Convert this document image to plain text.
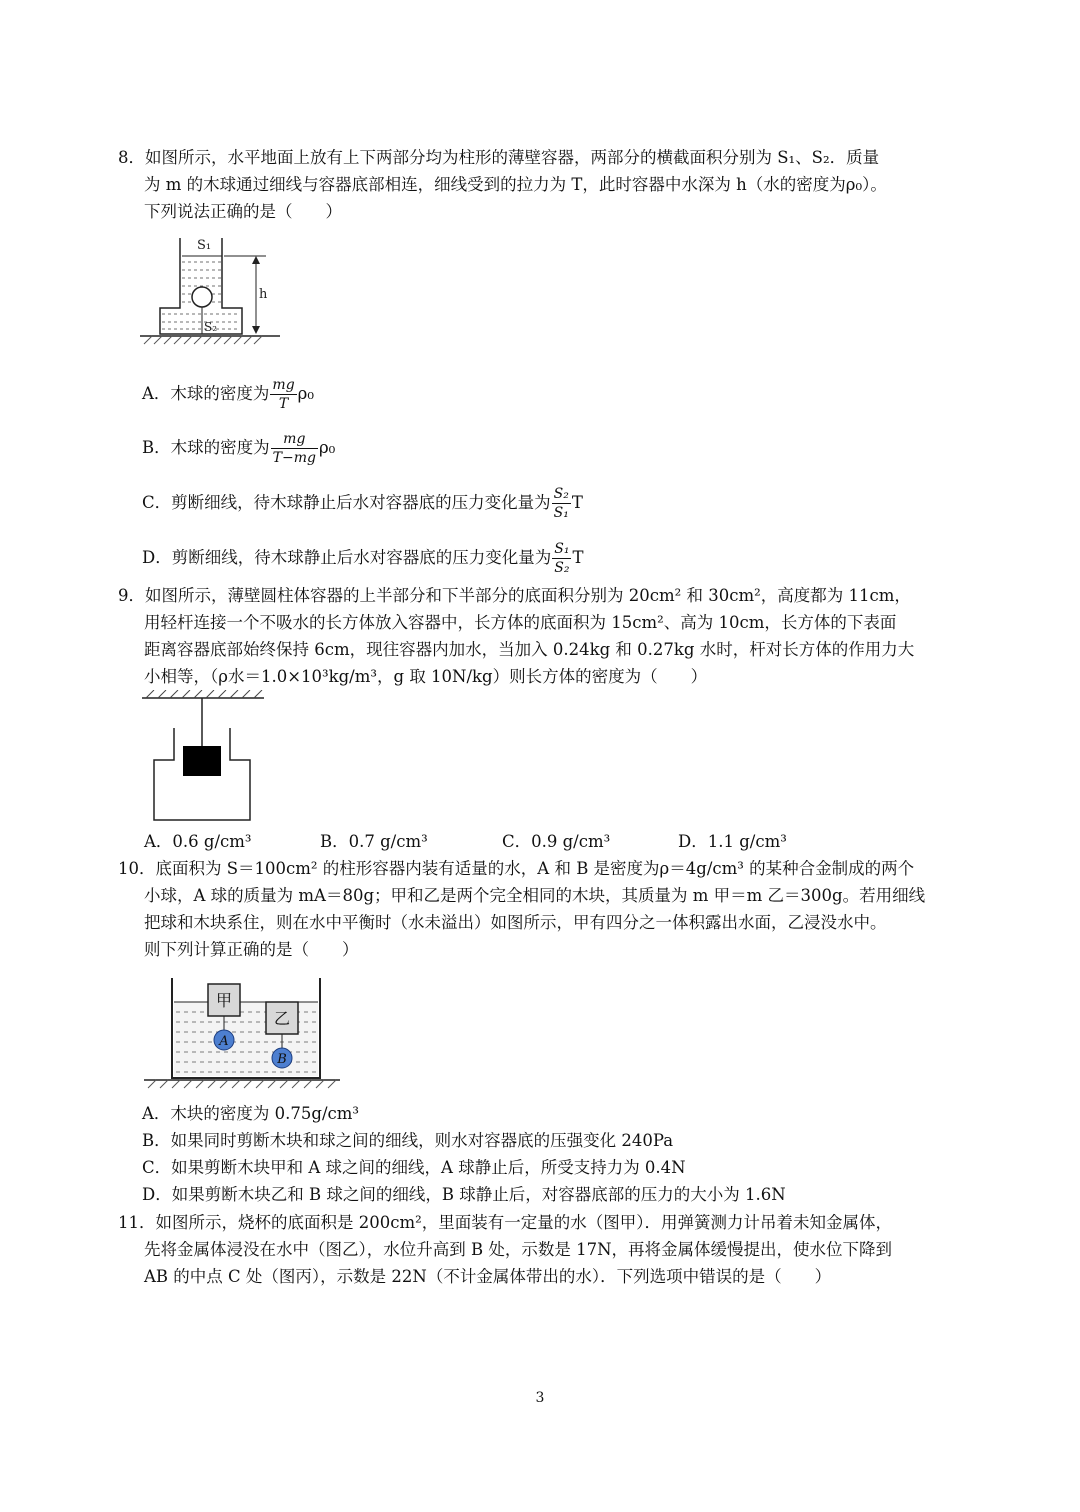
8．如图所示，水平地面上放有上下两部分均为柱形的薄壁容器，两部分的横截面积分别为 S₁、S₂．质量
为 m 的木球通过细线与容器底部相连，细线受到的拉力为 T，此时容器中水深为 h（水的密度为ρ₀）。
下列说法正确的是（　　）
S₁
h
S₂
A．木球的密度为 $\frac{mg}{T} \rho_0$
B．木球的密度为 $\frac{mg}{T-mg} \rho_0$
C．剪断细线，待木球静止后水对容器底的压力变化量为 $\frac{\text{S₂}}{\text{S₁}}$ T
D．剪断细线，待木球静止后水对容器底的压力变化量为 $\frac{\text{S₁}}{\text{S₂}}$ T
9．如图所示，薄壁圆柱体容器的上半部分和下半部分的底面积分别为 20cm² 和 30cm²，高度都为 11cm，
用轻杆连接一个不吸水的长方体放入容器中，长方体的底面积为 15cm²、高为 10cm，长方体的下表面
距离容器底部始终保持 6cm，现往容器内加水，当加入 0.24kg 和 0.27kg 水时，杆对长方体的作用力大
小相等，（ρ水＝1.0×10³kg/m³，g 取 10N/kg）则长方体的密度为（　　）
A．0.6 g/cm³	B．0.7 g/cm³	C．0.9 g/cm³	D．1.1 g/cm³
10．底面积为 S＝100cm² 的柱形容器内装有适量的水，A 和 B 是密度为ρ＝4g/cm³ 的某种合金制成的两个
小球，A 球的质量为 mA＝80g；甲和乙是两个完全相同的木块，其质量为 m 甲＝m 乙＝300g。若用细线
把球和木块系住，则在水中平衡时（水未溢出）如图所示，甲有四分之一体积露出水面，乙浸没水中。
则下列计算正确的是（　　）
甲
A
乙
B
A．木块的密度为 0.75g/cm³
B．如果同时剪断木块和球之间的细线，则水对容器底的压强变化 240Pa
C．如果剪断木块甲和 A 球之间的细线，A 球静止后，所受支持力为 0.4N
D．如果剪断木块乙和 B 球之间的细线，B 球静止后，对容器底部的压力的大小为 1.6N
11．如图所示，烧杯的底面积是 200cm²，里面装有一定量的水（图甲）．用弹簧测力计吊着未知金属体，
先将金属体浸没在水中（图乙），水位升高到 B 处，示数是 17N，再将金属体缓慢提出，使水位下降到
AB 的中点 C 处（图丙），示数是 22N（不计金属体带出的水）．下列选项中错误的是（　　）
3
